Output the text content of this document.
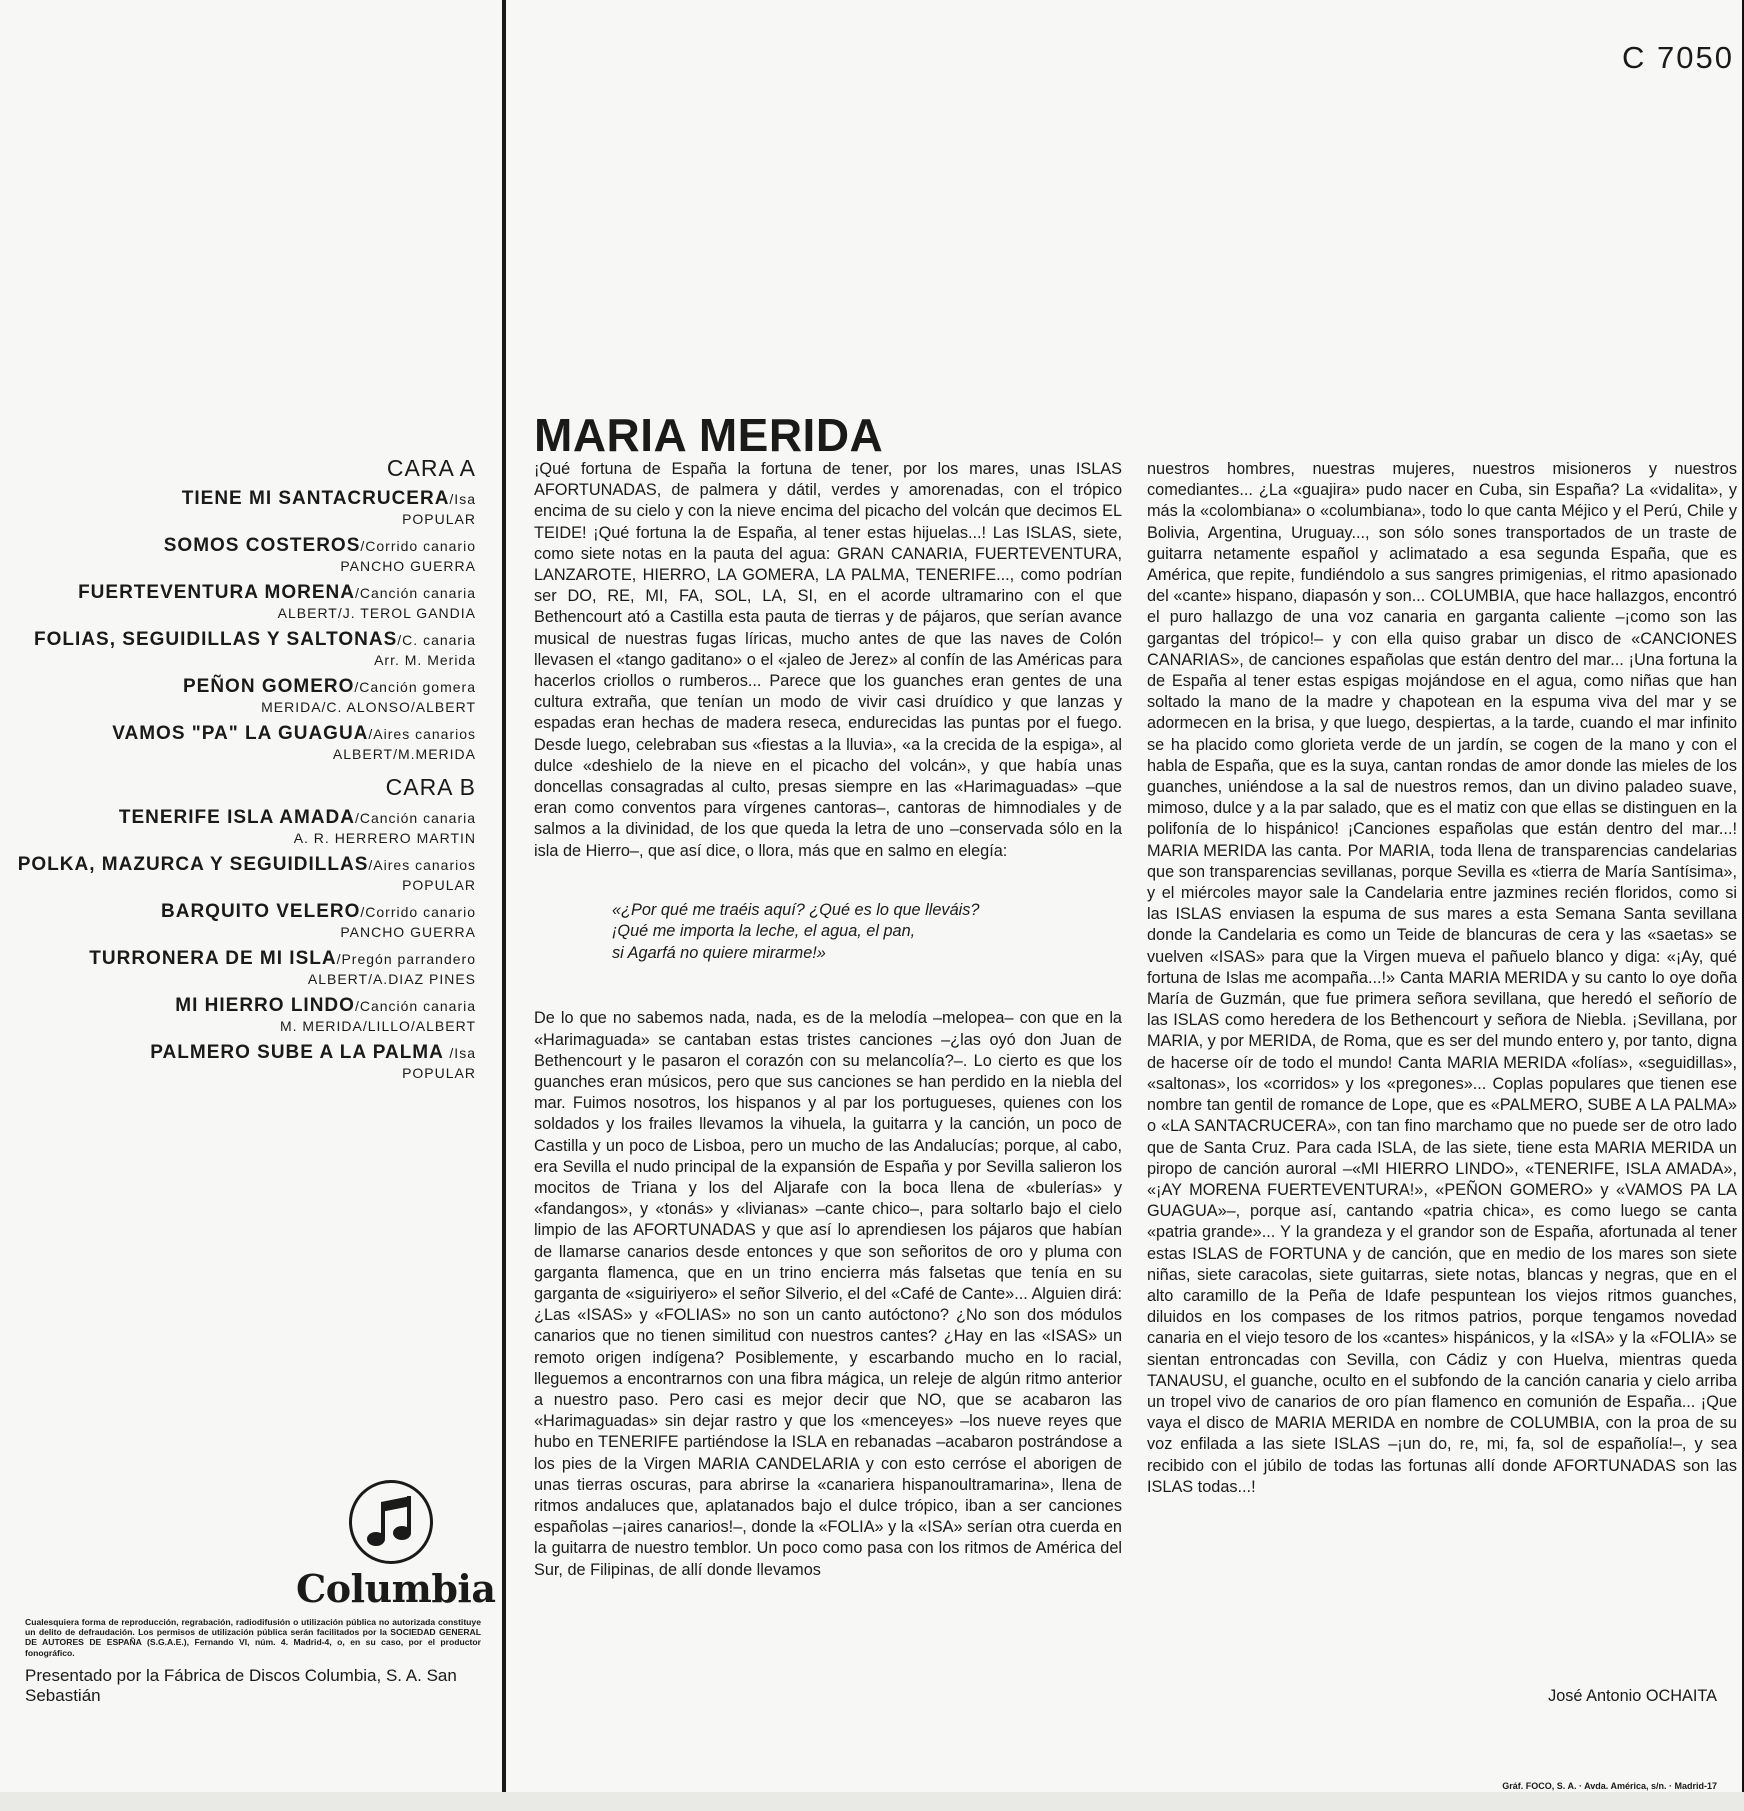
C 7050
CARA A
TIENE MI SANTACRUCERA/Isa
POPULAR
SOMOS COSTEROS/Corrido canario
PANCHO GUERRA
FUERTEVENTURA MORENA/Canción canaria
ALBERT/J. TEROL GANDIA
FOLIAS, SEGUIDILLAS Y SALTONAS/C. canaria
Arr. M. Merida
PEÑON GOMERO/Canción gomera
MERIDA/C. ALONSO/ALBERT
VAMOS "PA" LA GUAGUA/Aires canarios
ALBERT/M.MERIDA
CARA B
TENERIFE ISLA AMADA/Canción canaria
A. R. HERRERO MARTIN
POLKA, MAZURCA Y SEGUIDILLAS/Aires canarios
POPULAR
BARQUITO VELERO/Corrido canario
PANCHO GUERRA
TURRONERA DE MI ISLA/Pregón parrandero
ALBERT/A.DIAZ PINES
MI HIERRO LINDO/Canción canaria
M. MERIDA/LILLO/ALBERT
PALMERO SUBE A LA PALMA /Isa
POPULAR
Columbia
Cualesquiera forma de reproducción, regrabación, radiodifusión o utilización pública no autorizada constituye un delito de defraudación. Los permisos de utilización pública serán facilitados por la SOCIEDAD GENERAL DE AUTORES DE ESPAÑA (S.G.A.E.), Fernando VI, núm. 4. Madrid-4, o, en su caso, por el productor fonográfico.
Presentado por la Fábrica de Discos Columbia, S. A. San Sebastián
MARIA MERIDA

¡Qué fortuna de España la fortuna de tener, por los mares, unas ISLAS AFORTUNADAS, de palmera y dátil, verdes y amorenadas, con el trópico encima de su cielo y con la nieve encima del picacho del volcán que decimos EL TEIDE! ¡Qué fortuna la de España, al tener estas hijuelas...! Las ISLAS, siete, como siete notas en la pauta del agua: GRAN CANARIA, FUERTEVENTURA, LANZAROTE, HIERRO, LA GOMERA, LA PALMA, TENERIFE..., como podrían ser DO, RE, MI, FA, SOL, LA, SI, en el acorde ultramarino con el que Bethencourt ató a Castilla esta pauta de tierras y de pájaros, que serían avance musical de nuestras fugas líricas, mucho antes de que las naves de Colón llevasen el «tango gaditano» o el «jaleo de Jerez» al confín de las Américas para hacerlos criollos o rumberos... Parece que los guanches eran gentes de una cultura extraña, que tenían un modo de vivir casi druídico y que lanzas y espadas eran hechas de madera reseca, endurecidas las puntas por el fuego. Desde luego, celebraban sus «fiestas a la lluvia», «a la crecida de la espiga», al dulce «deshielo de la nieve en el picacho del volcán», y que había unas doncellas consagradas al culto, presas siempre en las «Harimaguadas» –que eran como conventos para vírgenes cantoras–, cantoras de himnodiales y de salmos a la divinidad, de los que queda la letra de uno –conservada sólo en la isla de Hierro–, que así dice, o llora, más que en salmo en elegía:

«¿Por qué me traéis aquí? ¿Qué es lo que lleváis?
¡Qué me importa la leche, el agua, el pan,
si Agarfá no quiere mirarme!»

De lo que no sabemos nada, nada, es de la melodía –melopea– con que en la «Harimaguada» se cantaban estas tristes canciones –¿las oyó don Juan de Bethencourt y le pasaron el corazón con su melancolía?–. Lo cierto es que los guanches eran músicos, pero que sus canciones se han perdido en la niebla del mar. Fuimos nosotros, los hispanos y al par los portugueses, quienes con los soldados y los frailes llevamos la vihuela, la guitarra y la canción, un poco de Castilla y un poco de Lisboa, pero un mucho de las Andalucías; porque, al cabo, era Sevilla el nudo principal de la expansión de España y por Sevilla salieron los mocitos de Triana y los del Aljarafe con la boca llena de «bulerías» y «fandangos», y «tonás» y «livianas» –cante chico–, para soltarlo bajo el cielo limpio de las AFORTUNADAS y que así lo aprendiesen los pájaros que habían de llamarse canarios desde entonces y que son señoritos de oro y pluma con garganta flamenca, que en un trino encierra más falsetas que tenía en su garganta de «siguiriyero» el señor Silverio, el del «Café de Cante»... Alguien dirá: ¿Las «ISAS» y «FOLIAS» no son un canto autóctono? ¿No son dos módulos canarios que no tienen similitud con nuestros cantes? ¿Hay en las «ISAS» un remoto origen indígena? Posiblemente, y escarbando mucho en lo racial, lleguemos a encontrarnos con una fibra mágica, un releje de algún ritmo anterior a nuestro paso. Pero casi es mejor decir que NO, que se acabaron las «Harimaguadas» sin dejar rastro y que los «menceyes» –los nueve reyes que hubo en TENERIFE partiéndose la ISLA en rebanadas –acabaron postrándose a los pies de la Virgen MARIA CANDELARIA y con esto cerróse el aborigen de unas tierras oscuras, para abrirse la «canariera hispanoultramarina», llena de ritmos andaluces que, aplatanados bajo el dulce trópico, iban a ser canciones españolas –¡aires canarios!–, donde la «FOLIA» y la «ISA» serían otra cuerda en la guitarra de nuestro temblor. Un poco como pasa con los ritmos de América del Sur, de Filipinas, de allí donde llevamos

nuestros hombres, nuestras mujeres, nuestros misioneros y nuestros comediantes... ¿La «guajira» pudo nacer en Cuba, sin España? La «vidalita», y más la «colombiana» o «columbiana», todo lo que canta Méjico y el Perú, Chile y Bolivia, Argentina, Uruguay..., son sólo sones transportados de un traste de guitarra netamente español y aclimatado a esa segunda España, que es América, que repite, fundiéndolo a sus sangres primigenias, el ritmo apasionado del «cante» hispano, diapasón y son... COLUMBIA, que hace hallazgos, encontró el puro hallazgo de una voz canaria en garganta caliente –¡como son las gargantas del trópico!– y con ella quiso grabar un disco de «CANCIONES CANARIAS», de canciones españolas que están dentro del mar... ¡Una fortuna la de España al tener estas espigas mojándose en el agua, como niñas que han soltado la mano de la madre y chapotean en la espuma viva del mar y se adormecen en la brisa, y que luego, despiertas, a la tarde, cuando el mar infinito se ha placido como glorieta verde de un jardín, se cogen de la mano y con el habla de España, que es la suya, cantan rondas de amor donde las mieles de los guanches, uniéndose a la sal de nuestros remos, dan un divino paladeo suave, mimoso, dulce y a la par salado, que es el matiz con que ellas se distinguen en la polifonía de lo hispánico! ¡Canciones españolas que están dentro del mar...! MARIA MERIDA las canta. Por MARIA, toda llena de transparencias candelarias que son transparencias sevillanas, porque Sevilla es «tierra de María Santísima», y el miércoles mayor sale la Candelaria entre jazmines recién floridos, como si las ISLAS enviasen la espuma de sus mares a esta Semana Santa sevillana donde la Candelaria es como un Teide de blancuras de cera y las «saetas» se vuelven «ISAS» para que la Virgen mueva el pañuelo blanco y diga: «¡Ay, qué fortuna de Islas me acompaña...!» Canta MARIA MERIDA y su canto lo oye doña María de Guzmán, que fue primera señora sevillana, que heredó el señorío de las ISLAS como heredera de los Bethencourt y señora de Niebla. ¡Sevillana, por MARIA, y por MERIDA, de Roma, que es ser del mundo entero y, por tanto, digna de hacerse oír de todo el mundo! Canta MARIA MERIDA «folías», «seguidillas», «saltonas», los «corridos» y los «pregones»... Coplas populares que tienen ese nombre tan gentil de romance de Lope, que es «PALMERO, SUBE A LA PALMA» o «LA SANTACRUCERA», con tan fino marchamo que no puede ser de otro lado que de Santa Cruz. Para cada ISLA, de las siete, tiene esta MARIA MERIDA un piropo de canción auroral –«MI HIERRO LINDO», «TENERIFE, ISLA AMADA», «¡AY MORENA FUERTEVENTURA!», «PEÑON GOMERO» y «VAMOS PA LA GUAGUA»–, porque así, cantando «patria chica», es como luego se canta «patria grande»... Y la grandeza y el grandor son de España, afortunada al tener estas ISLAS de FORTUNA y de canción, que en medio de los mares son siete niñas, siete caracolas, siete guitarras, siete notas, blancas y negras, que en el alto caramillo de la Peña de Idafe pespuntean los viejos ritmos guanches, diluidos en los compases de los ritmos patrios, porque tengamos novedad canaria en el viejo tesoro de los «cantes» hispánicos, y la «ISA» y la «FOLIA» se sientan entroncadas con Sevilla, con Cádiz y con Huelva, mientras queda TANAUSU, el guanche, oculto en el subfondo de la canción canaria y cielo arriba un tropel vivo de canarios de oro pían flamenco en comunión de España... ¡Que vaya el disco de MARIA MERIDA en nombre de COLUMBIA, con la proa de su voz enfilada a las siete ISLAS –¡un do, re, mi, fa, sol de españolía!–, y sea recibido con el júbilo de todas las fortunas allí donde AFORTUNADAS son las ISLAS todas...!

José Antonio OCHAITA
Gráf. FOCO, S. A. · Avda. América, s/n. · Madrid-17
